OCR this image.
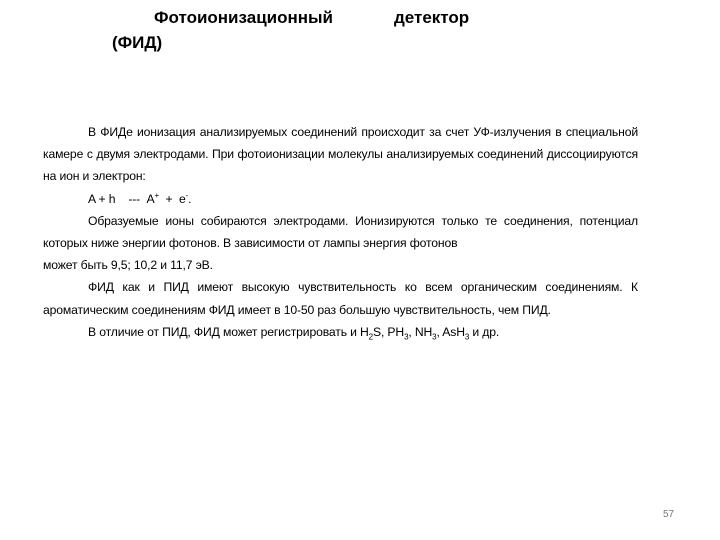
Фотоионизационный	детектор
(ФИД)

В ФИДе ионизация анализируемых соединений происходит за счет УФ-излучения в специальной камере с двумя электродами. При фотоионизации молекулы анализируемых соединений диссоциируются на ион и электрон:

A + h --- A+ + e-.

Образуемые ионы собираются электродами. Ионизируются только те соединения, потенциал которых ниже энергии фотонов. В зависимости от лампы энергия фотонов

может быть 9,5; 10,2 и 11,7 эВ.

ФИД как и ПИД имеют высокую чувствительность ко всем органическим соединениям. К ароматическим соединениям ФИД имеет в 10-50 раз большую чувствительность, чем ПИД.

В отличие от ПИД, ФИД может регистрировать и $H_2S$, $PH_3$, $NH_3$, AsH$_3$ и др.

57
